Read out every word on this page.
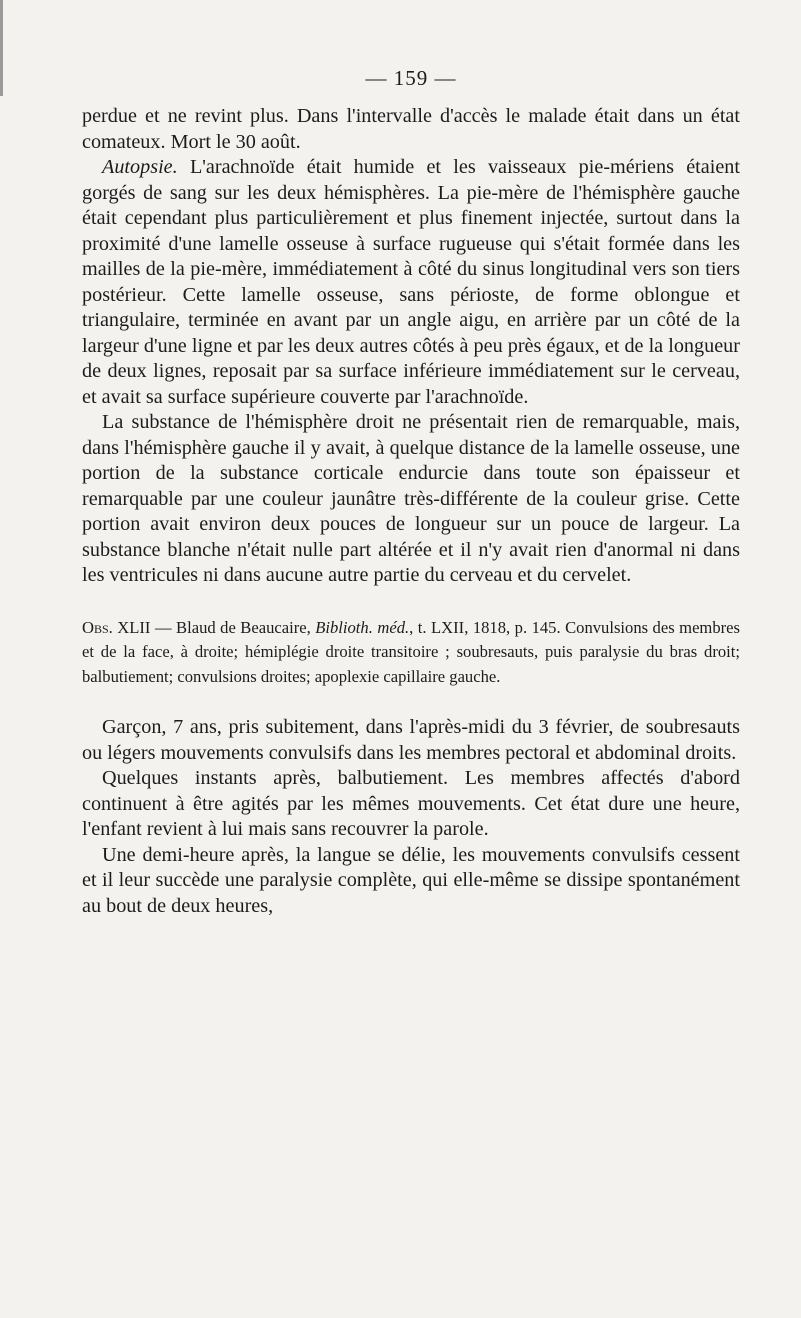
— 159 —

perdue et ne revint plus. Dans l'intervalle d'accès le malade était dans un état comateux. Mort le 30 août.

Autopsie. L'arachnoïde était humide et les vaisseaux pie-mériens étaient gorgés de sang sur les deux hémisphères. La pie-mère de l'hémisphère gauche était cependant plus particulièrement et plus finement injectée, surtout dans la proximité d'une lamelle osseuse à surface rugueuse qui s'était formée dans les mailles de la pie-mère, immédiatement à côté du sinus longitudinal vers son tiers postérieur. Cette lamelle osseuse, sans périoste, de forme oblongue et triangulaire, terminée en avant par un angle aigu, en arrière par un côté de la largeur d'une ligne et par les deux autres côtés à peu près égaux, et de la longueur de deux lignes, reposait par sa surface inférieure immédiatement sur le cerveau, et avait sa surface supérieure couverte par l'arachnoïde.

La substance de l'hémisphère droit ne présentait rien de remarquable, mais, dans l'hémisphère gauche il y avait, à quelque distance de la lamelle osseuse, une portion de la substance corticale endurcie dans toute son épaisseur et remarquable par une couleur jaunâtre très-différente de la couleur grise. Cette portion avait environ deux pouces de longueur sur un pouce de largeur. La substance blanche n'était nulle part altérée et il n'y avait rien d'anormal ni dans les ventricules ni dans aucune autre partie du cerveau et du cervelet.

Obs. XLII — Blaud de Beaucaire, Biblioth. méd., t. LXII, 1818, p. 145. Convulsions des membres et de la face, à droite; hémiplégie droite transitoire ; soubresauts, puis paralysie du bras droit; balbutiement; convulsions droites; apoplexie capillaire gauche.

Garçon, 7 ans, pris subitement, dans l'après-midi du 3 février, de soubresauts ou légers mouvements convulsifs dans les membres pectoral et abdominal droits.

Quelques instants après, balbutiement. Les membres affectés d'abord continuent à être agités par les mêmes mouvements. Cet état dure une heure, l'enfant revient à lui mais sans recouvrer la parole.

Une demi-heure après, la langue se délie, les mouvements convulsifs cessent et il leur succède une paralysie complète, qui elle-même se dissipe spontanément au bout de deux heures,
